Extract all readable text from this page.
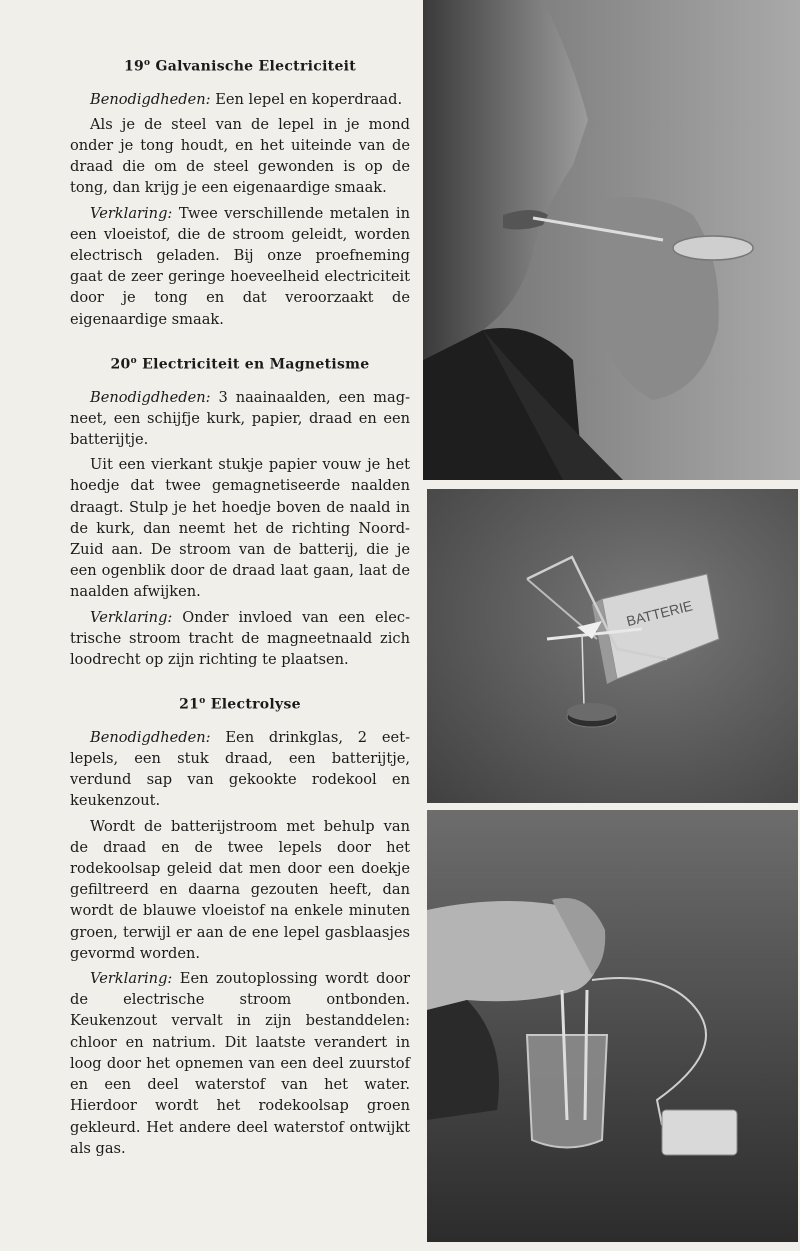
19$^o$ Galvanische Electriciteit

Benodigdheden: Een lepel en koperdraad.

Als je de steel van de lepel in je mond onder je tong houdt, en het uiteinde van de draad die om de steel gewonden is op de tong, dan krijg je een eigenaardige smaak.

Verklaring: Twee verschillende metalen in een vloeistof, die de stroom geleidt, worden electrisch geladen. Bij onze proefneming gaat de zeer geringe hoeveelheid electriciteit door je tong en dat veroorzaakt de eigenaardige smaak.

20$^o$ Electriciteit en Magnetisme

Benodigdheden: 3 naainaalden, een magneet, een schijfje kurk, papier, draad en een batterijtje.

Uit een vierkant stukje papier vouw je het hoedje dat twee gemagnetiseerde naalden draagt. Stulp je het hoedje boven de naald in de kurk, dan neemt het de richting Noord-Zuid aan. De stroom van de batterij, die je een ogenblik door de draad laat gaan, laat de naalden afwijken.

Verklaring: Onder invloed van een electrische stroom tracht de magneetnaald zich loodrecht op zijn richting te plaatsen.

21$^o$ Electrolyse

Benodigdheden: Een drinkglas, 2 eetlepels, een stuk draad, een batterijtje, verdund sap van gekookte rodekool en keukenzout.

Wordt de batterijstroom met behulp van de draad en de twee lepels door het rodekoolsap geleid dat men door een doekje gefiltreerd en daarna gezouten heeft, dan wordt de blauwe vloeistof na enkele minuten groen, terwijl er aan de ene lepel gasblaasjes gevormd worden.

Verklaring: Een zoutoplossing wordt door de electrische stroom ontbonden. Keukenzout vervalt in zijn bestanddelen: chloor en natrium. Dit laatste verandert in loog door het opnemen van een deel zuurstof en een deel waterstof van het water. Hierdoor wordt het rodekoolsap groen gekleurd. Het andere deel waterstof ontwijkt als gas.

BATTERIE
